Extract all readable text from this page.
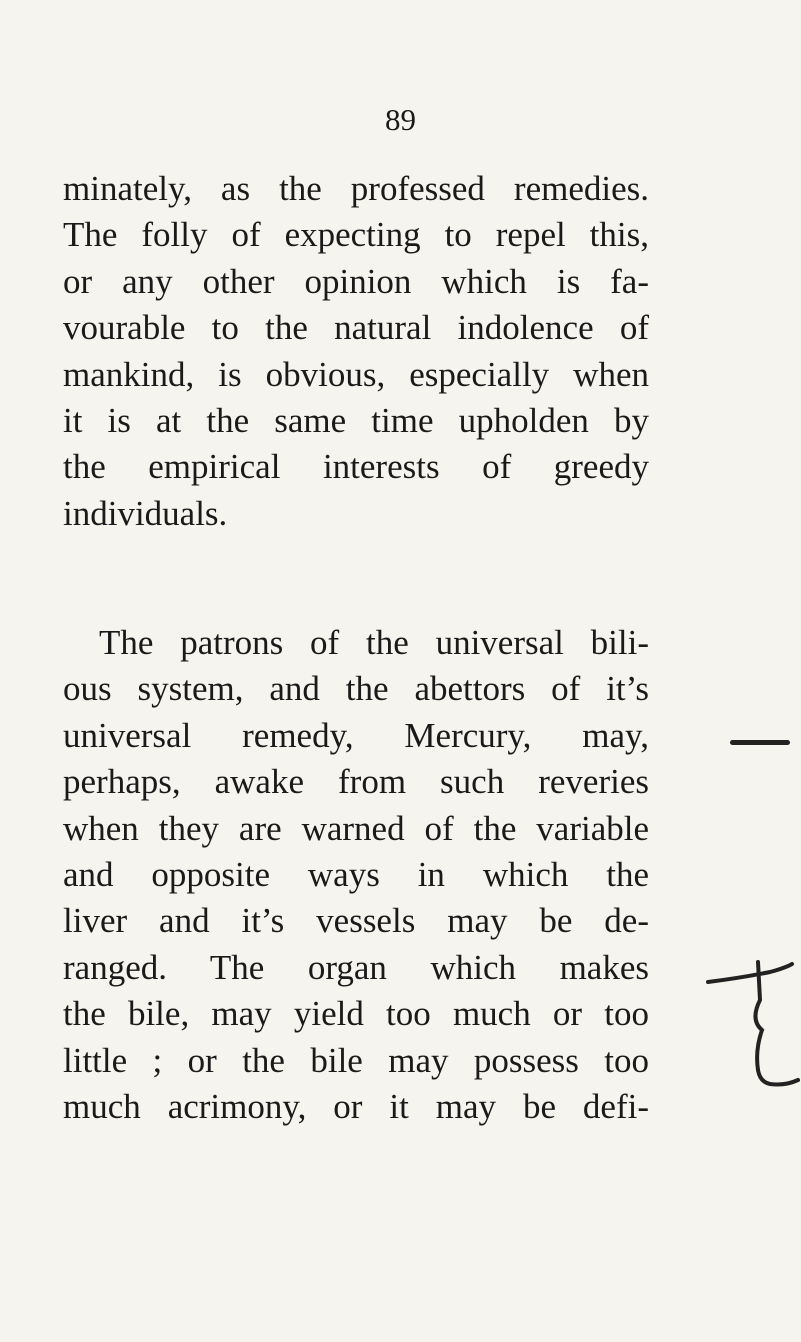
89
minately, as the professed remedies.
The folly of expecting to repel this,
or any other opinion which is fa-
vourable to the natural indolence of
mankind, is obvious, especially when
it is at the same time upholden by
the empirical interests of greedy
individuals.
The patrons of the universal bili-
ous system, and the abettors of it’s
universal remedy, Mercury, may,
perhaps, awake from such reveries
when they are warned of the variable
and opposite ways in which the
liver and it’s vessels may be de-
ranged. The organ which makes
the bile, may yield too much or too
little ; or the bile may possess too
much acrimony, or it may be defi-
